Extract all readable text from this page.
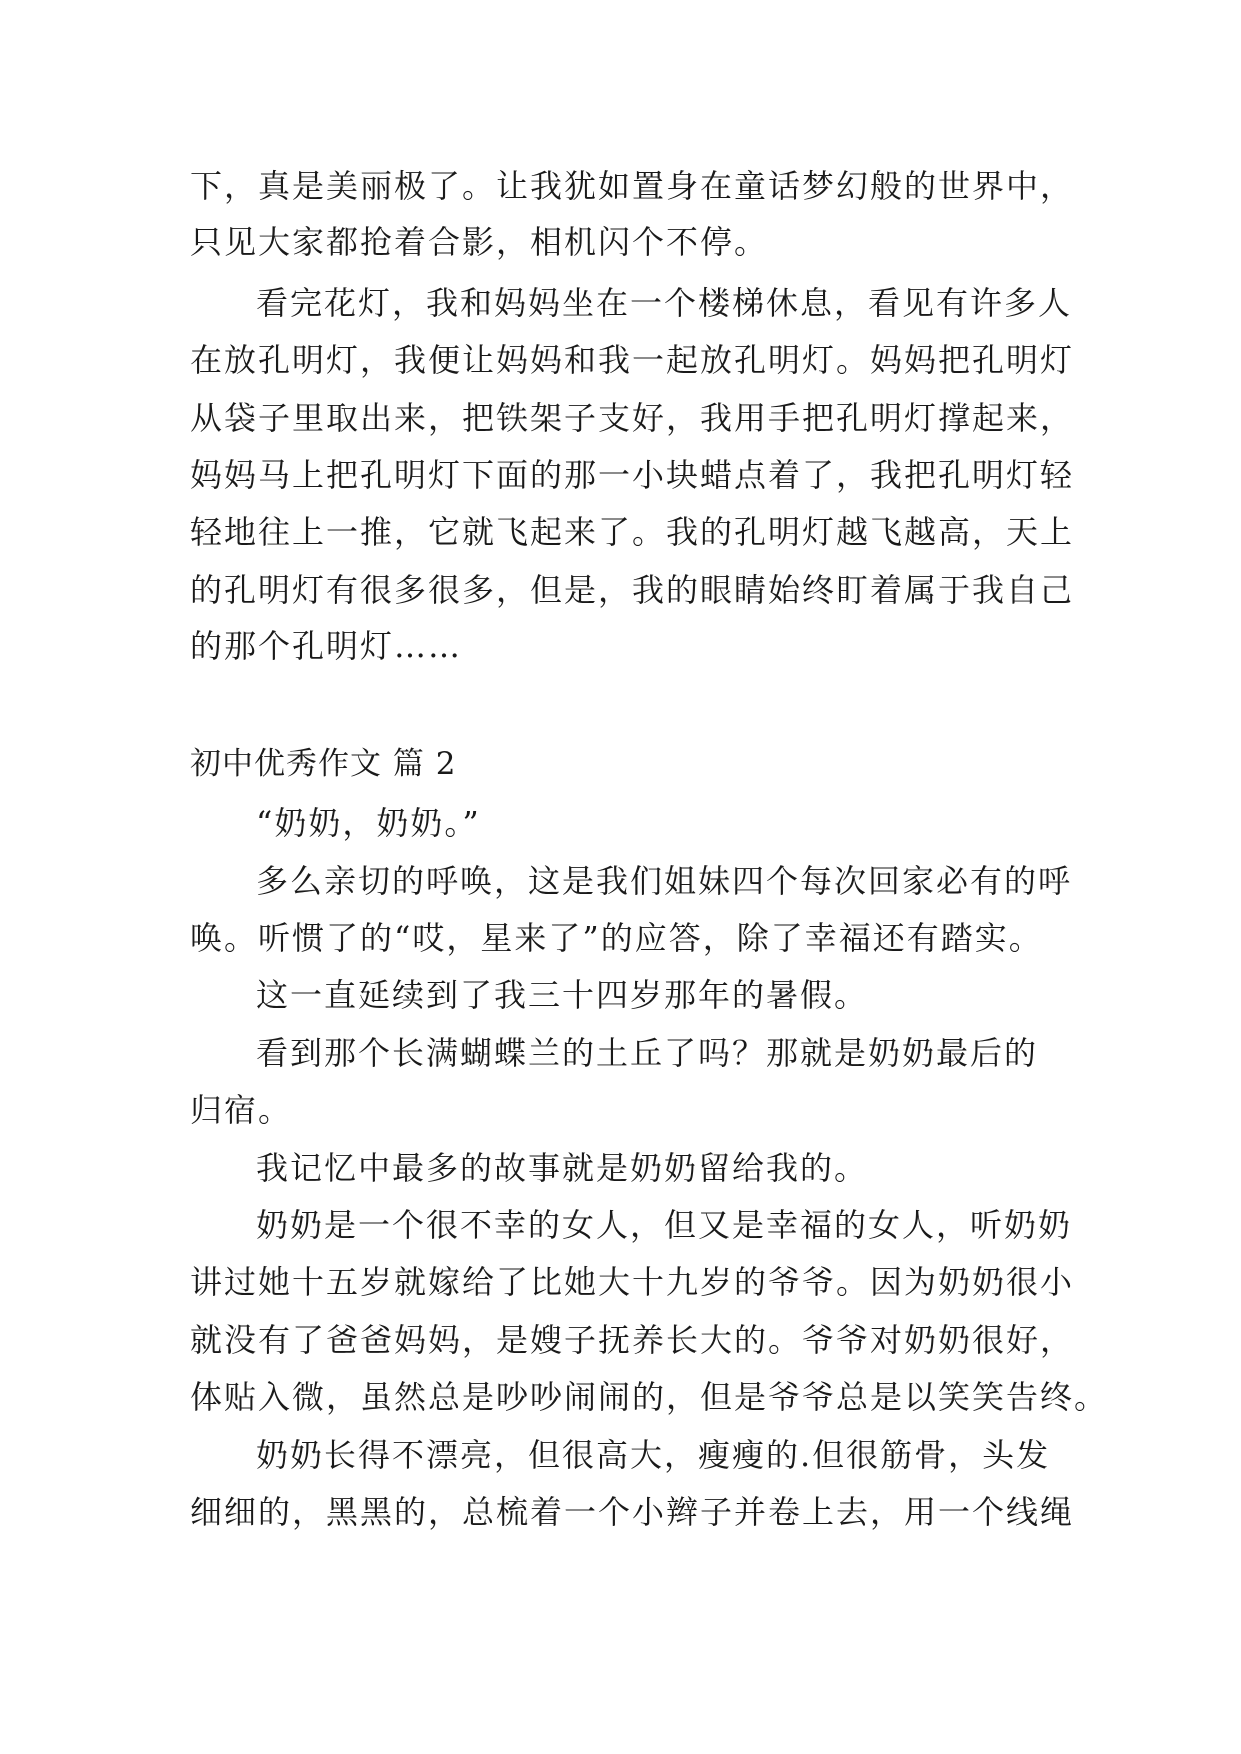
下，真是美丽极了。让我犹如置身在童话梦幻般的世界中，
只见大家都抢着合影，相机闪个不停。
看完花灯，我和妈妈坐在一个楼梯休息，看见有许多人
在放孔明灯，我便让妈妈和我一起放孔明灯。妈妈把孔明灯
从袋子里取出来，把铁架子支好，我用手把孔明灯撑起来，
妈妈马上把孔明灯下面的那一小块蜡点着了，我把孔明灯轻
轻地往上一推，它就飞起来了。我的孔明灯越飞越高，天上
的孔明灯有很多很多，但是，我的眼睛始终盯着属于我自己
的那个孔明灯……
初中优秀作文 篇 2
“奶奶，奶奶。”
多么亲切的呼唤，这是我们姐妹四个每次回家必有的呼
唤。听惯了的“哎，星来了”的应答，除了幸福还有踏实。
这一直延续到了我三十四岁那年的暑假。
看到那个长满蝴蝶兰的土丘了吗？那就是奶奶最后的
归宿。
我记忆中最多的故事就是奶奶留给我的。
奶奶是一个很不幸的女人，但又是幸福的女人，听奶奶
讲过她十五岁就嫁给了比她大十九岁的爷爷。因为奶奶很小
就没有了爸爸妈妈，是嫂子抚养长大的。爷爷对奶奶很好，
体贴入微，虽然总是吵吵闹闹的，但是爷爷总是以笑笑告终。
奶奶长得不漂亮，但很高大，瘦瘦的.但很筋骨，头发
细细的，黑黑的，总梳着一个小辫子并卷上去，用一个线绳
